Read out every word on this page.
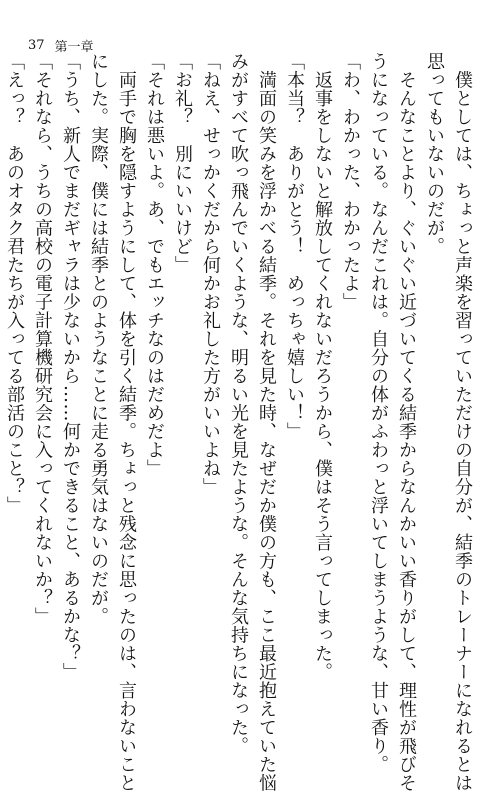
37 第一章
　僕としては、ちょっと声楽を習っていただけの自分が、結季のトレーナーになれるとは
思ってもいないのだが。
　そんなことより、ぐいぐい近づいてくる結季からなんかいい香りがして、理性が飛びそ
うになっている。なんだこれは。自分の体がふわっと浮いてしまうような、甘い香り。
「わ、わかった、わかったよ」
　返事をしないと解放してくれないだろうから、僕はそう言ってしまった。
「本当？　ありがとう！　めっちゃ嬉しい！」
　満面の笑みを浮かべる結季。それを見た時、なぜだか僕の方も、ここ最近抱えていた悩
みがすべて吹っ飛んでいくような、明るい光を見たような。そんな気持ちになった。
「ねえ、せっかくだから何かお礼した方がいいよね」
「お礼？　別にいいけど」
「それは悪いよ。あ、でもエッチなのはだめだよ」
　両手で胸を隠すようにして、体を引く結季。ちょっと残念に思ったのは、言わないこと
にした。実際、僕には結季とのようなことに走る勇気はないのだが。
「うち、新人でまだギャラは少ないから……何かできること、あるかな？」
「それなら、うちの高校の電子計算機研究会に入ってくれないか？」
「えっ？　あのオタク君たちが入ってる部活のこと？」
